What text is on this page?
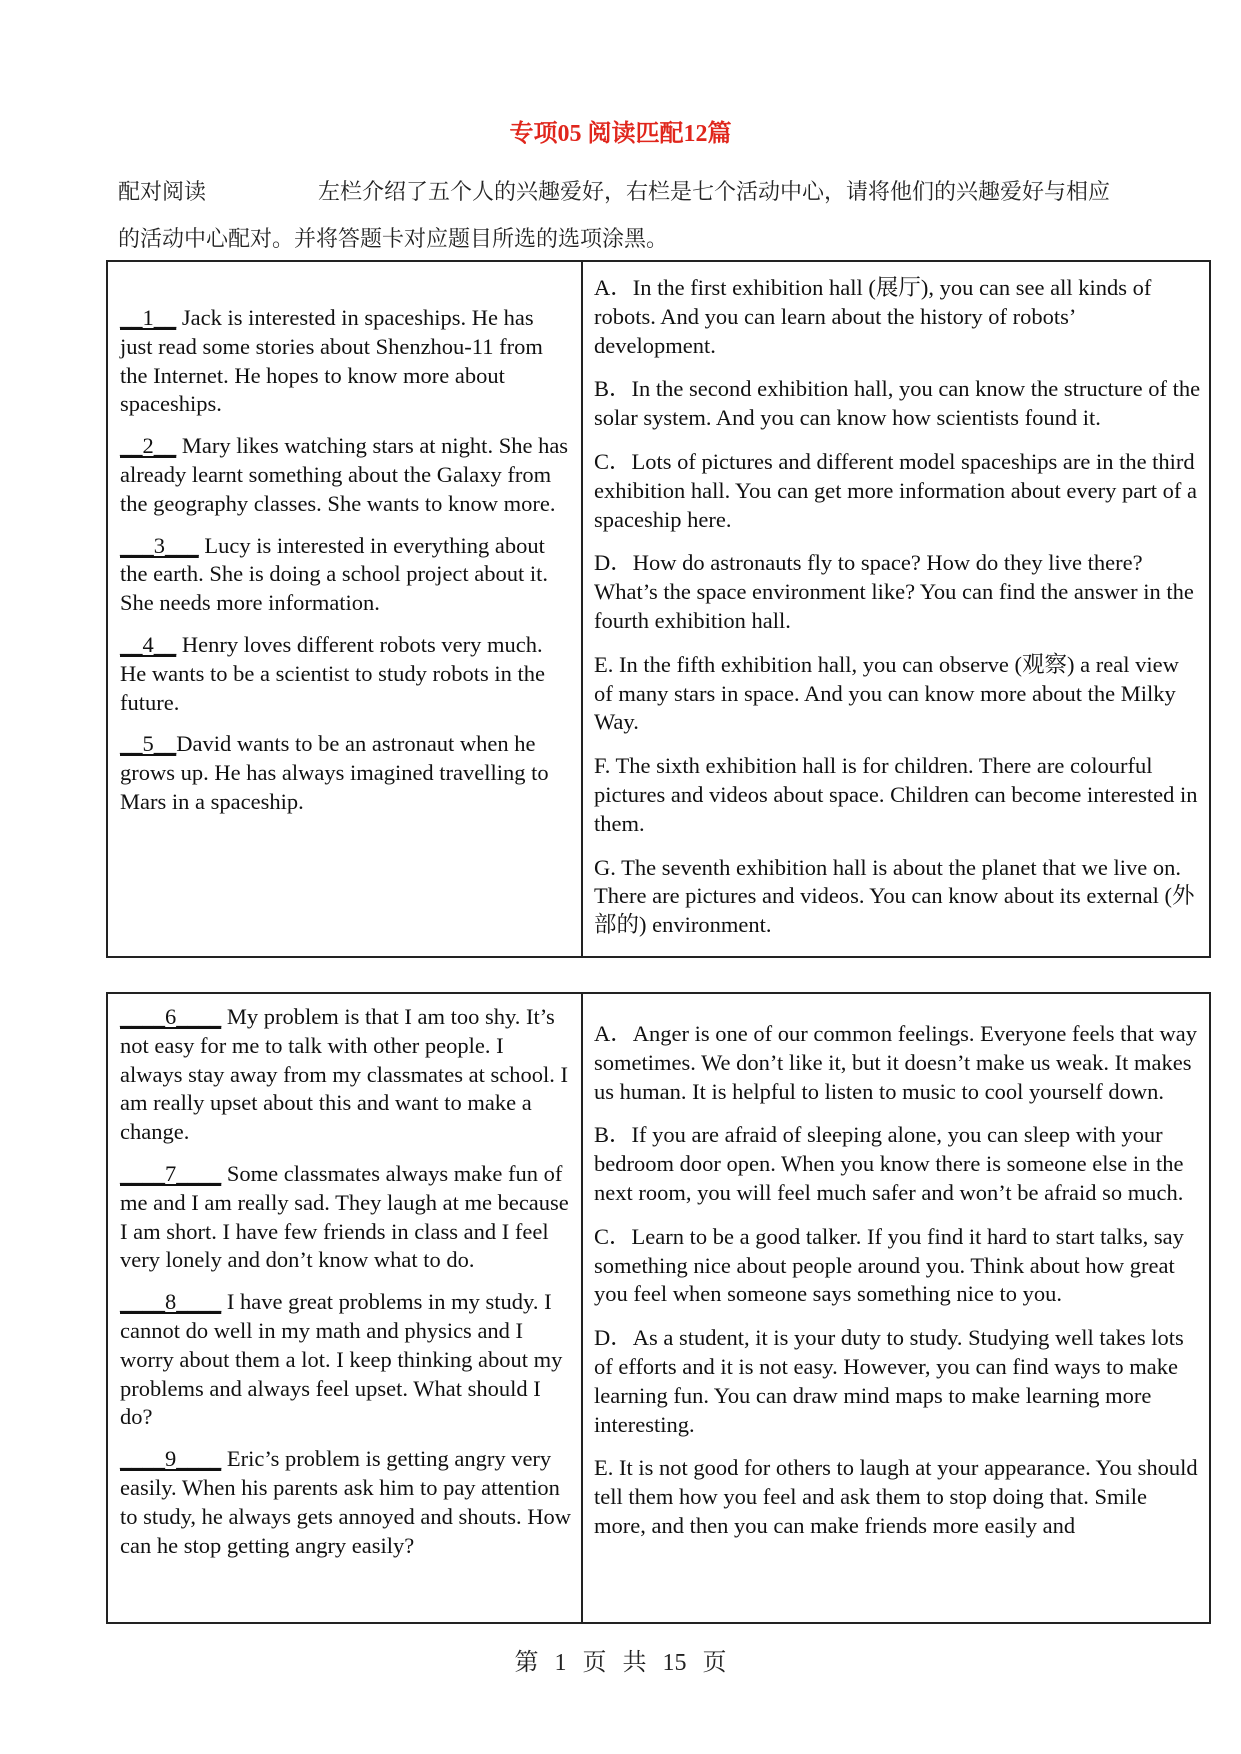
专项05 阅读匹配12篇
配对阅读	左栏介绍了五个人的兴趣爱好，右栏是七个活动中心，请将他们的兴趣爱好与相应的活动中心配对。并将答题卡对应题目所选的选项涂黑。

__1__ Jack is interested in spaceships. He has just read some stories about Shenzhou-11 from the Internet. He hopes to know more about spaceships.

__2__ Mary likes watching stars at night. She has already learnt something about the Galaxy from the geography classes. She wants to know more.

___3___ Lucy is interested in everything about the earth. She is doing a school project about it. She needs more information.

__4__ Henry loves different robots very much. He wants to be a scientist to study robots in the future.

__5__David wants to be an astronaut when he grows up. He has always imagined travelling to Mars in a spaceship.

A．In the first exhibition hall (展厅), you can see all kinds of robots. And you can learn about the history of robots’ development.

B．In the second exhibition hall, you can know the structure of the solar system. And you can know how scientists found it.

C．Lots of pictures and different model spaceships are in the third exhibition hall. You can get more information about every part of a spaceship here.

D．How do astronauts fly to space? How do they live there? What’s the space environment like? You can find the answer in the fourth exhibition hall.

E. In the fifth exhibition hall, you can observe (观察) a real view of many stars in space. And you can know more about the Milky Way.

F. The sixth exhibition hall is for children. There are colourful pictures and videos about space. Children can become interested in them.

G. The seventh exhibition hall is about the planet that we live on. There are pictures and videos. You can know about its external (外部的) environment.

____6____ My problem is that I am too shy. It’s not easy for me to talk with other people. I always stay away from my classmates at school. I am really upset about this and want to make a change.

____7____ Some classmates always make fun of me and I am really sad. They laugh at me because I am short. I have few friends in class and I feel very lonely and don’t know what to do.

____8____ I have great problems in my study. I cannot do well in my math and physics and I worry about them a lot. I keep thinking about my problems and always feel upset. What should I do?

____9____ Eric’s problem is getting angry very easily. When his parents ask him to pay attention to study, he always gets annoyed and shouts. How can he stop getting angry easily?

A．Anger is one of our common feelings. Everyone feels that way sometimes. We don’t like it, but it doesn’t make us weak. It makes us human. It is helpful to listen to music to cool yourself down.

B．If you are afraid of sleeping alone, you can sleep with your bedroom door open. When you know there is someone else in the next room, you will feel much safer and won’t be afraid so much.

C．Learn to be a good talker. If you find it hard to start talks, say something nice about people around you. Think about how great you feel when someone says something nice to you.

D．As a student, it is your duty to study. Studying well takes lots of efforts and it is not easy. However, you can find ways to make learning fun. You can draw mind maps to make learning more interesting.

E. It is not good for others to laugh at your appearance. You should tell them how you feel and ask them to stop doing that. Smile more, and then you can make friends more easily and

第 1 页 共 15 页
